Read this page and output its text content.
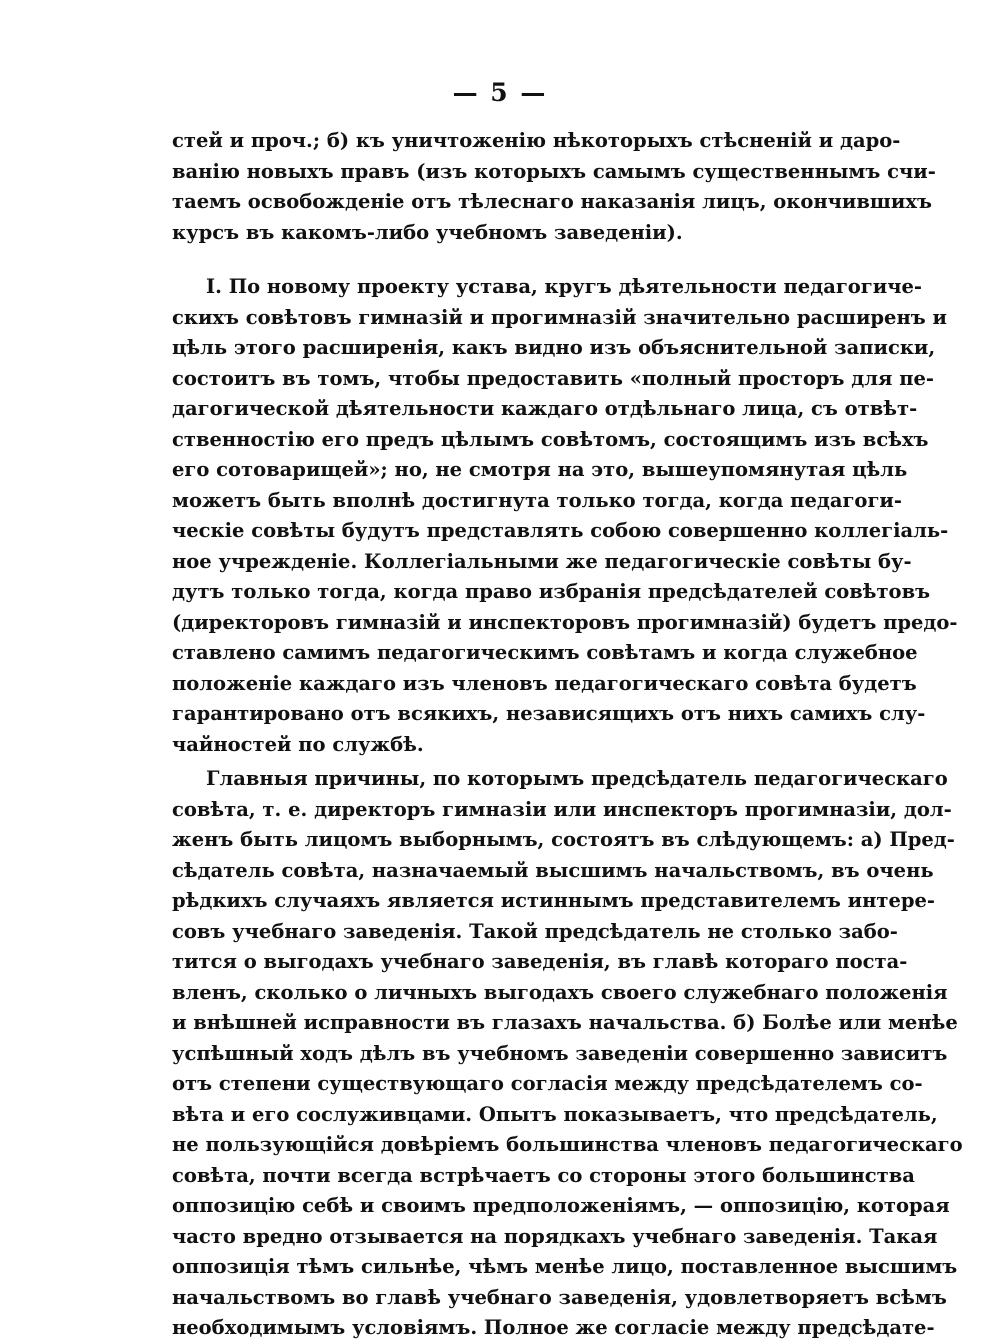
— 5 —
стей и проч.; б) къ уничтоженію нѣкоторыхъ стѣсненій и даро-
ванію новыхъ правъ (изъ которыхъ самымъ существеннымъ счи-
таемъ освобожденіе отъ тѣлеснаго наказанія лицъ, окончившихъ
курсъ въ какомъ-либо учебномъ заведеніи).
I. По новому проекту устава, кругъ дѣятельности педагогиче-
скихъ совѣтовъ гимназій и прогимназій значительно расширенъ и
цѣль этого расширенія, какъ видно изъ объяснительной записки,
состоитъ въ томъ, чтобы предоставить «полный просторъ для пе-
дагогической дѣятельности каждаго отдѣльнаго лица, съ отвѣт-
ственностію его предъ цѣлымъ совѣтомъ, состоящимъ изъ всѣхъ
его сотоварищей»; но, не смотря на это, вышеупомянутая цѣль
можетъ быть вполнѣ достигнута только тогда, когда педагоги-
ческіе совѣты будутъ представлять собою совершенно коллегіаль-
ное учрежденіе. Коллегіальными же педагогическіе совѣты бу-
дутъ только тогда, когда право избранія предсѣдателей совѣтовъ
(директоровъ гимназій и инспекторовъ прогимназій) будетъ предо-
ставлено самимъ педагогическимъ совѣтамъ и когда служебное
положеніе каждаго изъ членовъ педагогическаго совѣта будетъ
гарантировано отъ всякихъ, независящихъ отъ нихъ самихъ слу-
чайностей по службѣ.
Главныя причины, по которымъ предсѣдатель педагогическаго
совѣта, т. е. директоръ гимназіи или инспекторъ прогимназіи, дол-
женъ быть лицомъ выборнымъ, состоятъ въ слѣдующемъ: а) Пред-
сѣдатель совѣта, назначаемый высшимъ начальствомъ, въ очень
рѣдкихъ случаяхъ является истиннымъ представителемъ интере-
совъ учебнаго заведенія. Такой предсѣдатель не столько забо-
тится о выгодахъ учебнаго заведенія, въ главѣ котораго поста-
вленъ, сколько о личныхъ выгодахъ своего служебнаго положенія
и внѣшней исправности въ глазахъ начальства. б) Болѣе или менѣе
успѣшный ходъ дѣлъ въ учебномъ заведеніи совершенно зависитъ
отъ степени существующаго согласія между предсѣдателемъ со-
вѣта и его сослуживцами. Опытъ показываетъ, что предсѣдатель,
не пользующійся довѣріемъ большинства членовъ педагогическаго
совѣта, почти всегда встрѣчаетъ со стороны этого большинства
оппозицію себѣ и своимъ предположеніямъ, — оппозицію, которая
часто вредно отзывается на порядкахъ учебнаго заведенія. Такая
оппозиція тѣмъ сильнѣе, чѣмъ менѣе лицо, поставленное высшимъ
начальствомъ во главѣ учебнаго заведенія, удовлетворяетъ всѣмъ
необходимымъ условіямъ. Полное же согласіе между предсѣдате-
